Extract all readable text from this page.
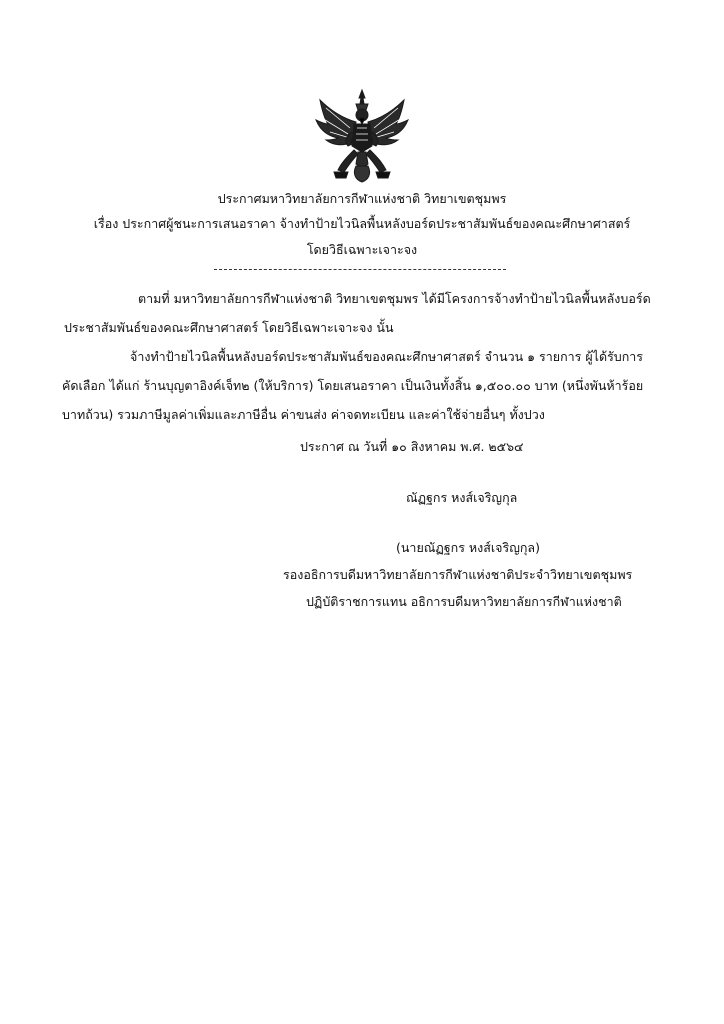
ประกาศมหาวิทยาลัยการกีฬาแห่งชาติ วิทยาเขตชุมพร
เรื่อง ประกาศผู้ชนะการเสนอราคา จ้างทำป้ายไวนิลพื้นหลังบอร์ดประชาสัมพันธ์ของคณะศึกษาศาสตร์
โดยวิธีเฉพาะเจาะจง
ตามที่ มหาวิทยาลัยการกีฬาแห่งชาติ วิทยาเขตชุมพร ได้มีโครงการจ้างทำป้ายไวนิลพื้นหลังบอร์ด
ประชาสัมพันธ์ของคณะศึกษาศาสตร์ โดยวิธีเฉพาะเจาะจง นั้น
จ้างทำป้ายไวนิลพื้นหลังบอร์ดประชาสัมพันธ์ของคณะศึกษาศาสตร์ จำนวน ๑ รายการ ผู้ได้รับการ
คัดเลือก ได้แก่ ร้านบุญตาอิงค์เจ็ท๒ (ให้บริการ) โดยเสนอราคา เป็นเงินทั้งสิ้น ๑,๕๐๐.๐๐ บาท (หนึ่งพันห้าร้อย
บาทถ้วน) รวมภาษีมูลค่าเพิ่มและภาษีอื่น ค่าขนส่ง ค่าจดทะเบียน และค่าใช้จ่ายอื่นๆ ทั้งปวง
ประกาศ ณ วันที่ ๑๐ สิงหาคม พ.ศ. ๒๕๖๔
ณัฏฐกร หงส์เจริญกุล
(นายณัฏฐกร หงส์เจริญกุล)
รองอธิการบดีมหาวิทยาลัยการกีฬาแห่งชาติประจำวิทยาเขตชุมพร
ปฏิบัติราชการแทน อธิการบดีมหาวิทยาลัยการกีฬาแห่งชาติ
